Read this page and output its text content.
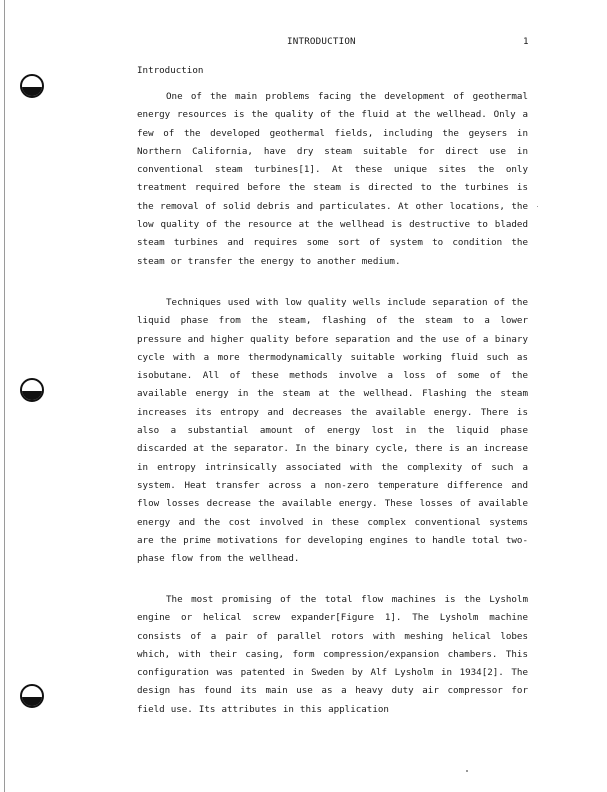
INTRODUCTION	1
Introduction

One of the main problems facing the development of geothermal energy resources is the quality of the fluid at the wellhead. Only a few of the developed geothermal fields, including the geysers in Northern California, have dry steam suitable for direct use in conventional steam turbines[1]. At these unique sites the only treatment required before the steam is directed to the turbines is the removal of solid debris and particulates. At other locations, the low quality of the resource at the wellhead is destructive to bladed steam turbines and requires some sort of system to condition the steam or transfer the energy to another medium.

Techniques used with low quality wells include separation of the liquid phase from the steam, flashing of the steam to a lower pressure and higher quality before separation and the use of a binary cycle with a more thermodynamically suitable working fluid such as isobutane. All of these methods involve a loss of some of the available energy in the steam at the wellhead. Flashing the steam increases its entropy and decreases the available energy. There is also a substantial amount of energy lost in the liquid phase discarded at the separator. In the binary cycle, there is an increase in entropy intrinsically associated with the complexity of such a system. Heat transfer across a non-zero temperature difference and flow losses decrease the available energy. These losses of available energy and the cost involved in these complex conventional systems are the prime motivations for developing engines to handle total two-phase flow from the wellhead.

The most promising of the total flow machines is the Lysholm engine or helical screw expander[Figure 1]. The Lysholm machine consists of a pair of parallel rotors with meshing helical lobes which, with their casing, form compression/expansion chambers. This configuration was patented in Sweden by Alf Lysholm in 1934[2]. The design has found its main use as a heavy duty air compressor for field use. Its attributes in this application
